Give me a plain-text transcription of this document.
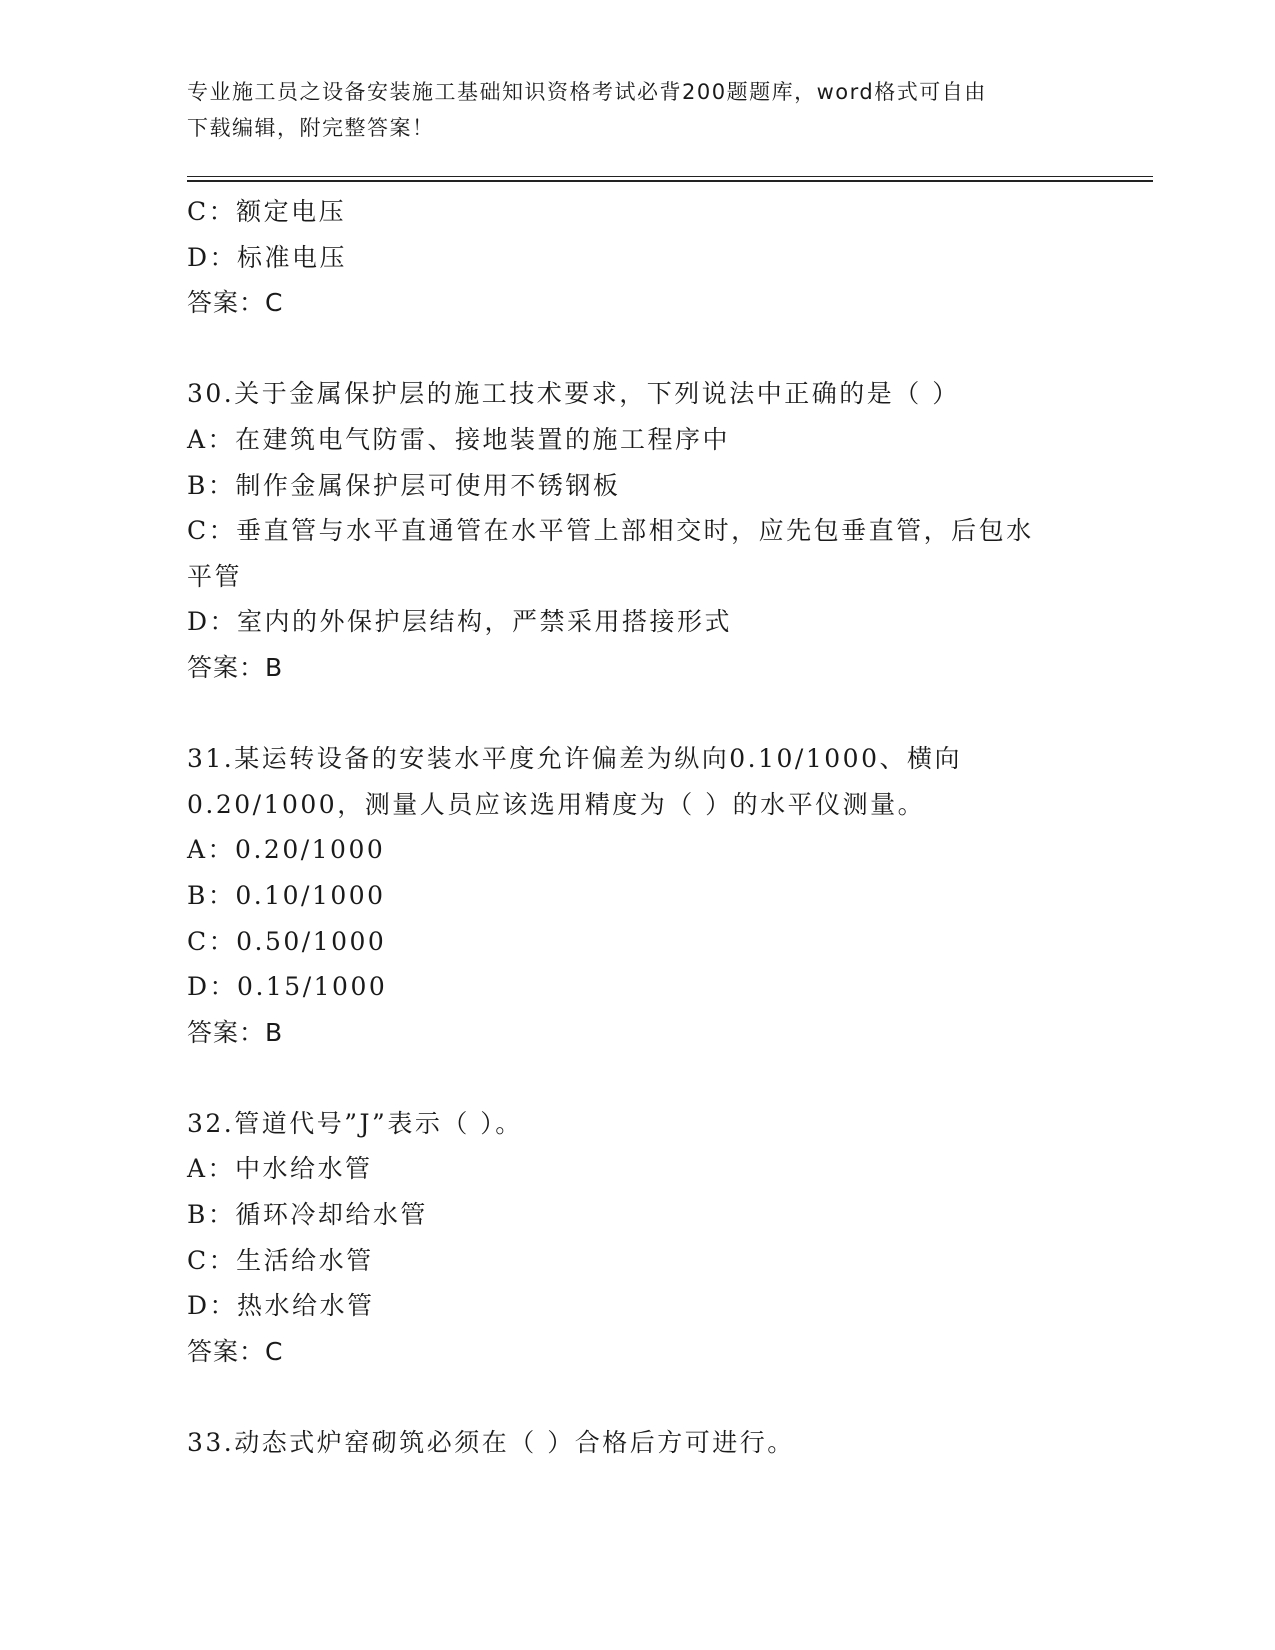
专业施工员之设备安装施工基础知识资格考试必背200题题库，word格式可自由
下载编辑，附完整答案！
C：额定电压
D：标准电压
答案：C
30.关于金属保护层的施工技术要求，下列说法中正确的是（ ）
A：在建筑电气防雷、接地装置的施工程序中
B：制作金属保护层可使用不锈钢板
C：垂直管与水平直通管在水平管上部相交时，应先包垂直管，后包水
平管
D：室内的外保护层结构，严禁采用搭接形式
答案：B
31.某运转设备的安装水平度允许偏差为纵向0.10/1000、横向
0.20/1000，测量人员应该选用精度为（ ）的水平仪测量。
A：0.20/1000
B：0.10/1000
C：0.50/1000
D：0.15/1000
答案：B
32.管道代号”J”表示（ ）。
A：中水给水管
B：循环冷却给水管
C：生活给水管
D：热水给水管
答案：C
33.动态式炉窑砌筑必须在（ ）合格后方可进行。
